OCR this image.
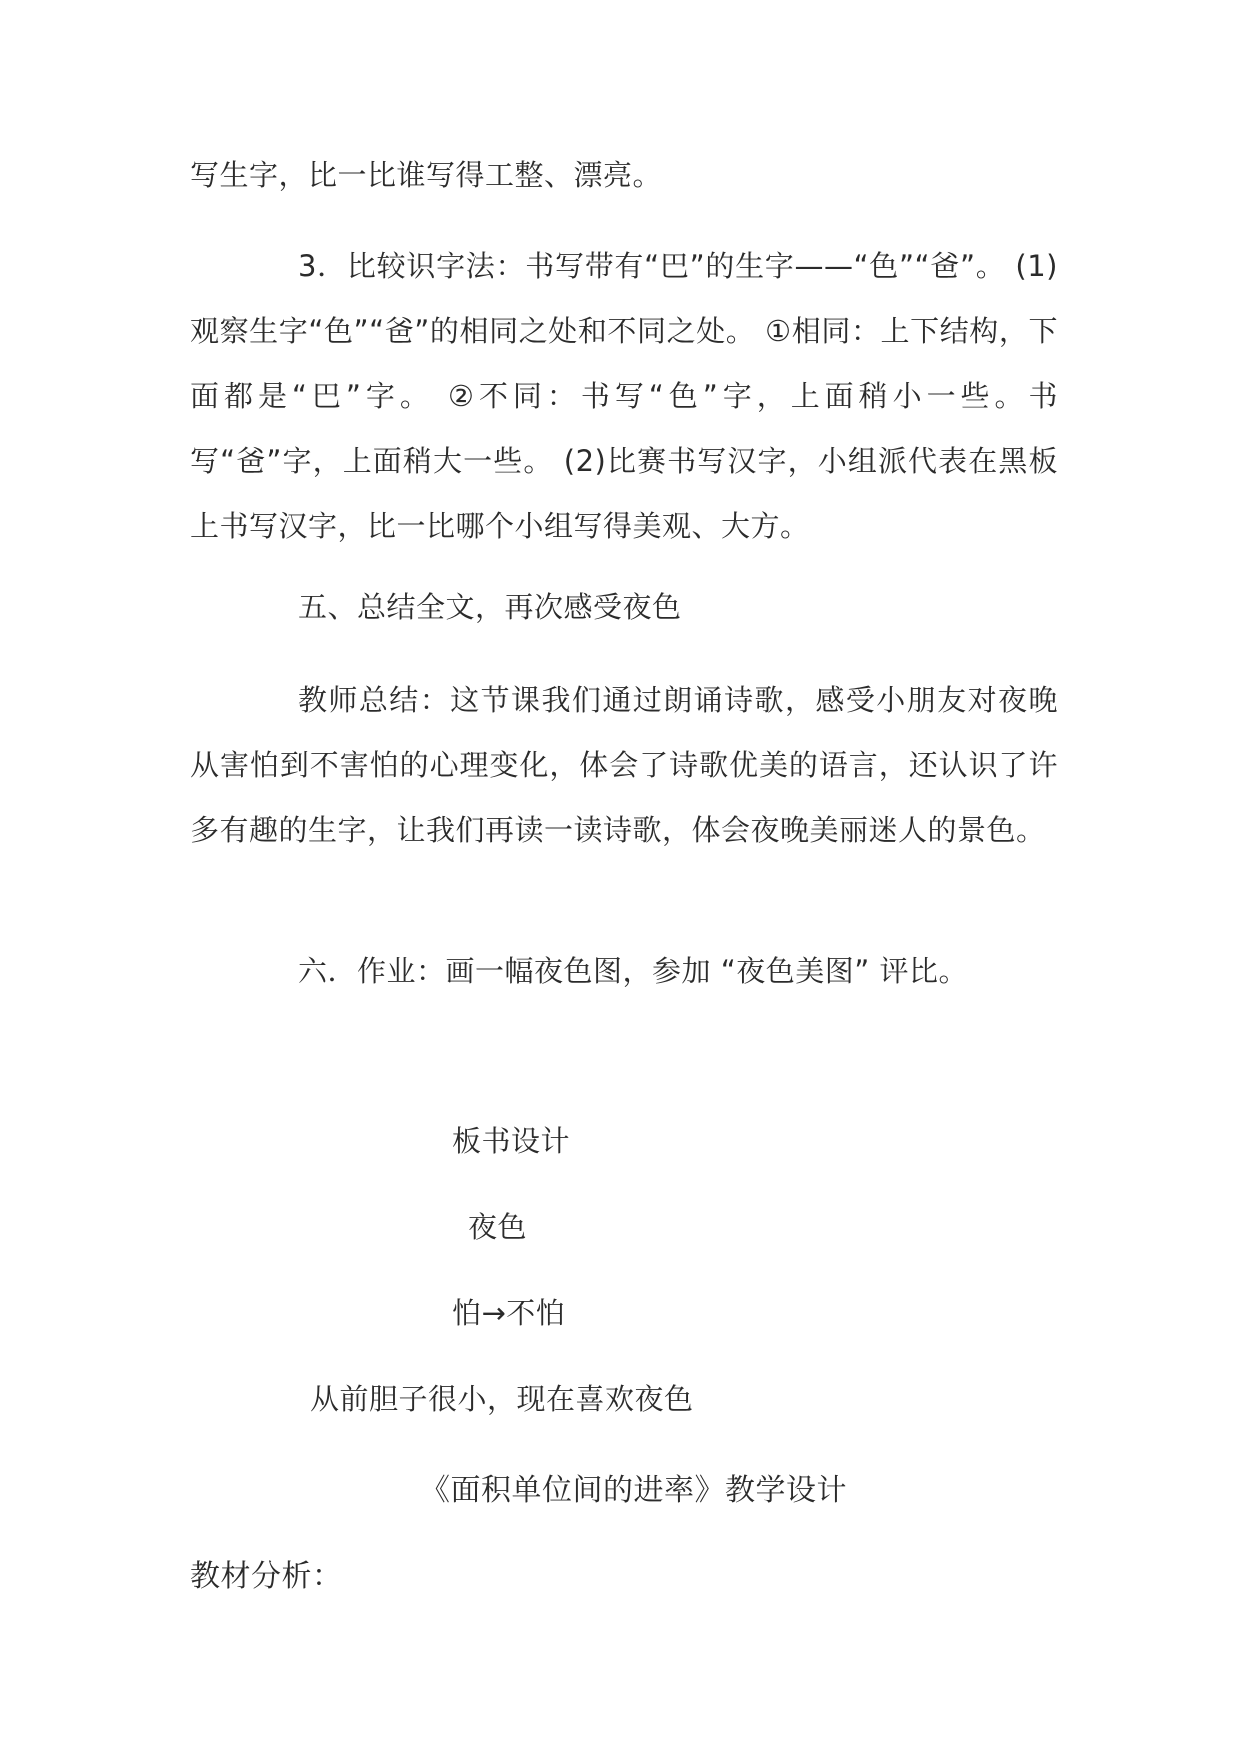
写生字，比一比谁写得工整、漂亮。
3．比较识字法：书写带有“巴”的生字——“色”“爸”。 (1)观察生字“色”“爸”的相同之处和不同之处。 ①相同：上下结构，下面都是“巴”字。 ②不同：书写“色”字，上面稍小一些。书写“爸”字，上面稍大一些。 (2)比赛书写汉字，小组派代表在黑板上书写汉字，比一比哪个小组写得美观、大方。
五、总结全文，再次感受夜色
教师总结：这节课我们通过朗诵诗歌，感受小朋友对夜晚从害怕到不害怕的心理变化，体会了诗歌优美的语言，还认识了许多有趣的生字，让我们再读一读诗歌，体会夜晚美丽迷人的景色。
六．作业：画一幅夜色图，参加 “夜色美图” 评比。
板书设计
夜色
怕→不怕
从前胆子很小，现在喜欢夜色
《面积单位间的进率》教学设计
教材分析：
